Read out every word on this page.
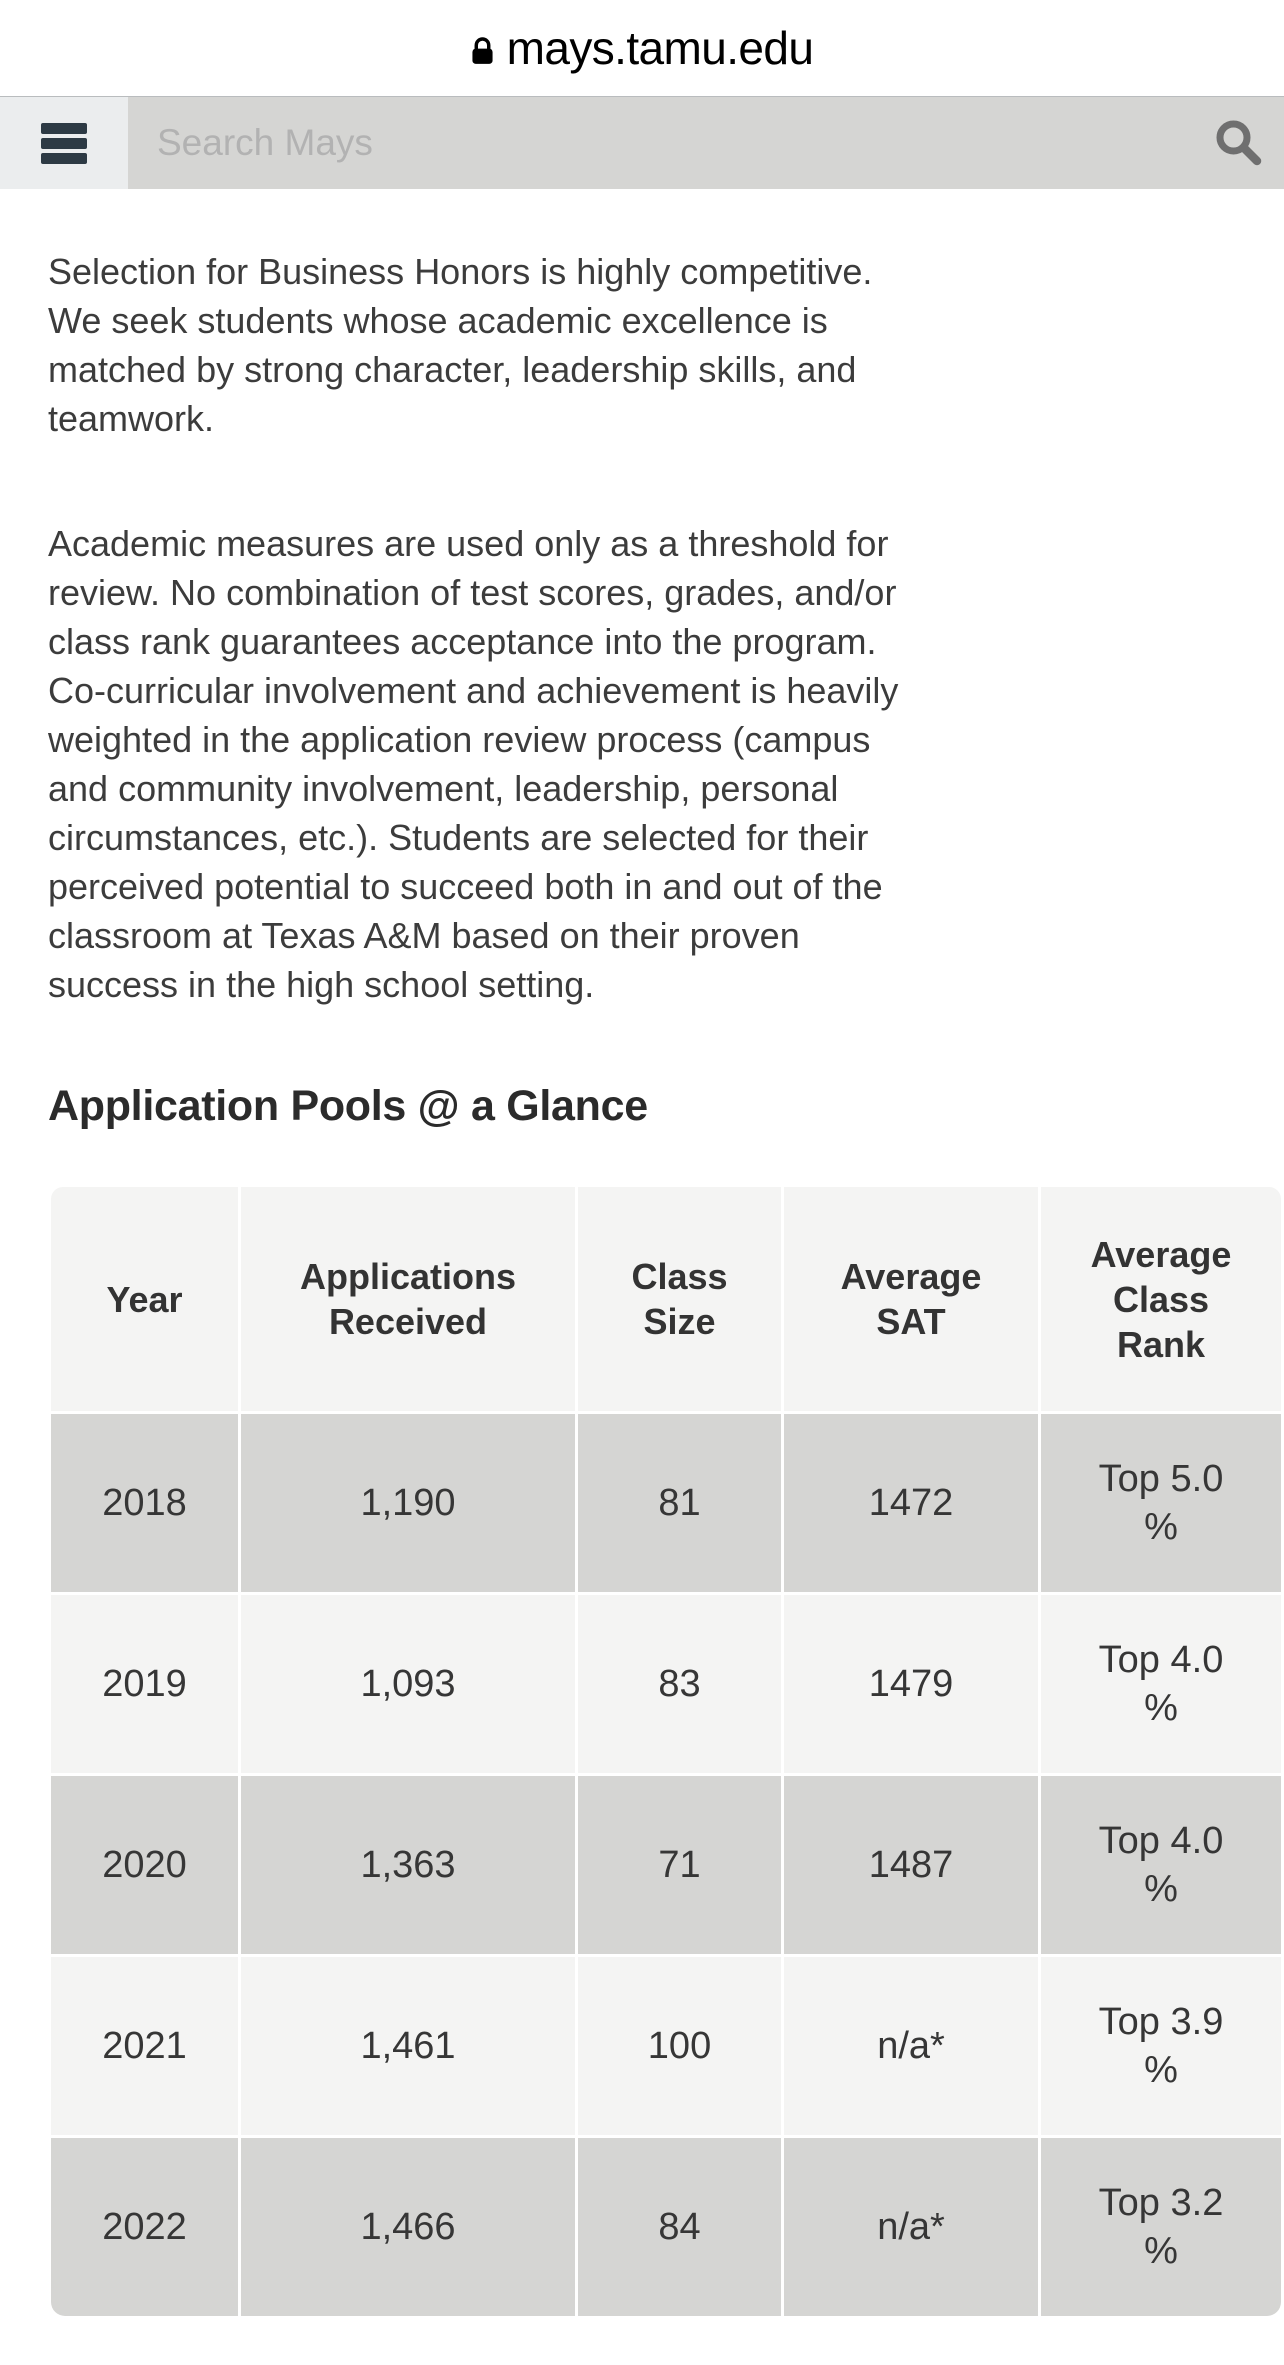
mays.tamu.edu
Search Mays

Selection for Business Honors is highly competitive.
We seek students whose academic excellence is
matched by strong character, leadership skills, and
teamwork.

Academic measures are used only as a threshold for
review. No combination of test scores, grades, and/or
class rank guarantees acceptance into the program.
Co-curricular involvement and achievement is heavily
weighted in the application review process (campus
and community involvement, leadership, personal
circumstances, etc.). Students are selected for their
perceived potential to succeed both in and out of the
classroom at Texas A&M based on their proven
success in the high school setting.

Application Pools @ a Glance
Year	Applications Received	Class Size	Average SAT	Average Class Rank
2018	1,190	81	1472	Top 5.0 %
2019	1,093	83	1479	Top 4.0 %
2020	1,363	71	1487	Top 4.0 %
2021	1,461	100	n/a*	Top 3.9 %
2022	1,466	84	n/a*	Top 3.2 %
